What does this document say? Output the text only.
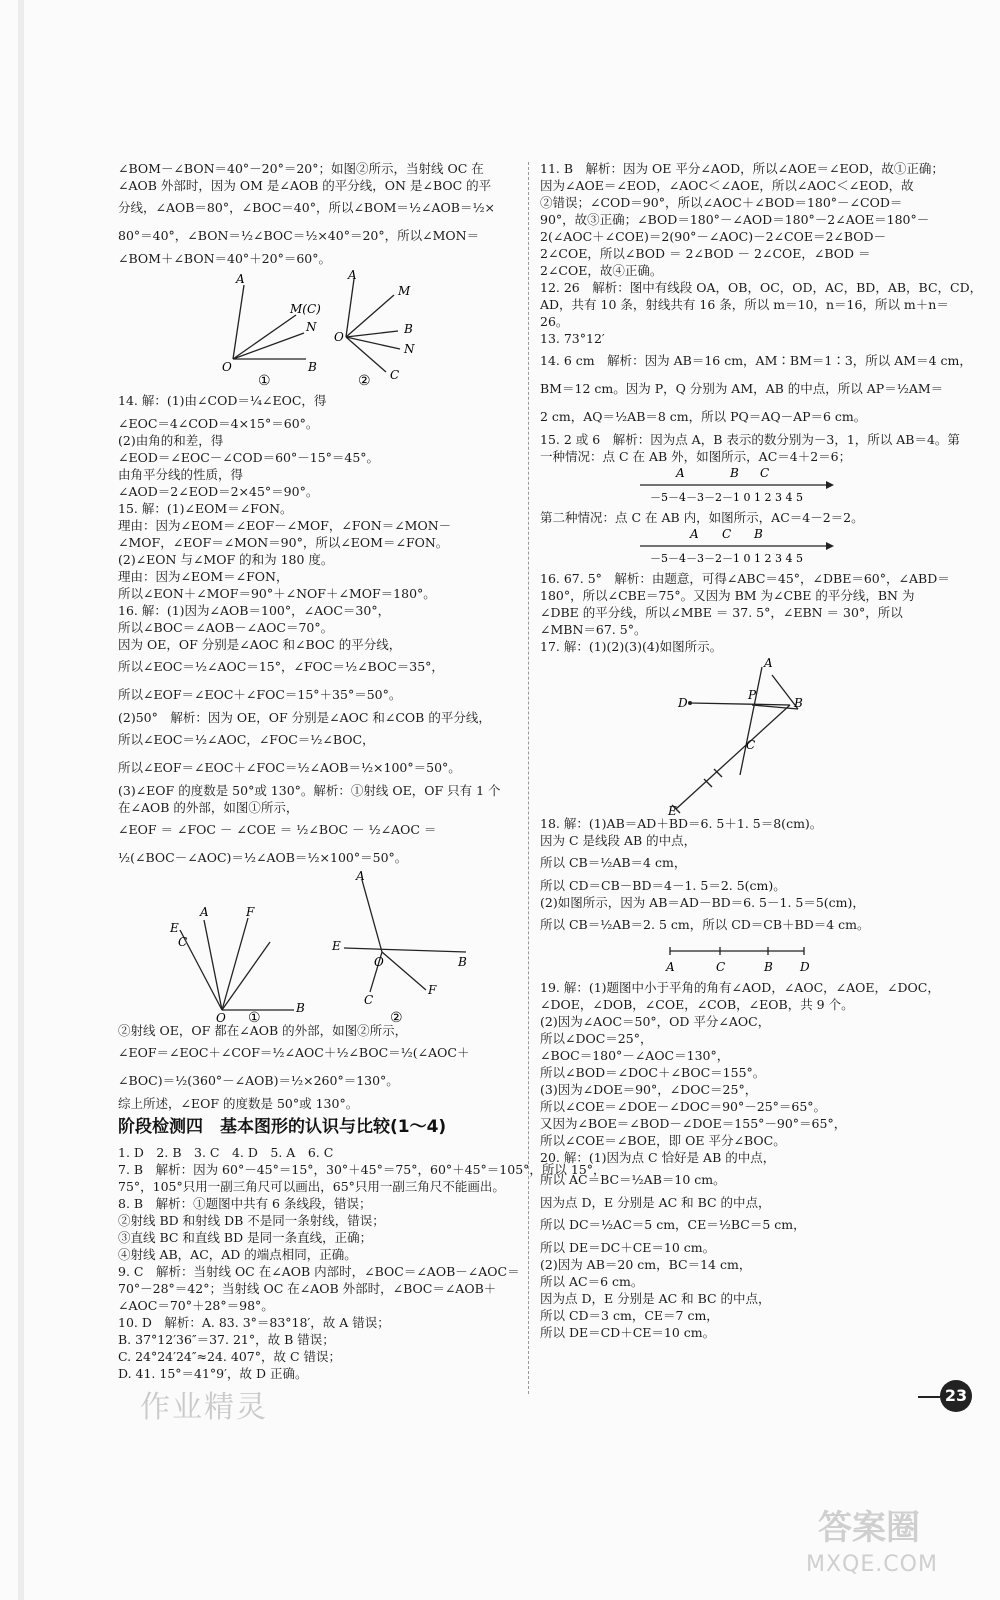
∠BOM－∠BON＝40°－20°＝20°；如图②所示，当射线 OC 在
∠AOB 外部时，因为 OM 是∠AOB 的平分线，ON 是∠BOC 的平
分线，∠AOB＝80°，∠BOC＝40°，所以∠BOM＝½∠AOB＝½×
80°＝40°，∠BON＝½∠BOC＝½×40°＝20°，所以∠MON＝
∠BOM＋∠BON＝40°＋20°＝60°。
A
M(C)
N
O	B
①
A
M
O
B
N
C
②
14. 解：(1)由∠COD＝¼∠EOC，得
∠EOC＝4∠COD＝4×15°＝60°。
(2)由角的和差，得
∠EOD＝∠EOC－∠COD＝60°－15°＝45°。
由角平分线的性质，得
∠AOD＝2∠EOD＝2×45°＝90°。
15. 解：(1)∠EOM＝∠FON。
理由：因为∠EOM＝∠EOF－∠MOF，∠FON＝∠MON－
∠MOF，∠EOF＝∠MON＝90°，所以∠EOM＝∠FON。
(2)∠EON 与∠MOF 的和为 180 度。
理由：因为∠EOM＝∠FON，
所以∠EON＋∠MOF＝90°＋∠NOF＋∠MOF＝180°。
16. 解：(1)因为∠AOB＝100°，∠AOC＝30°，
所以∠BOC＝∠AOB－∠AOC＝70°。
因为 OE，OF 分别是∠AOC 和∠BOC 的平分线，
所以∠EOC＝½∠AOC＝15°，∠FOC＝½∠BOC＝35°，
所以∠EOF＝∠EOC＋∠FOC＝15°＋35°＝50°。
(2)50°　解析：因为 OE，OF 分别是∠AOC 和∠COB 的平分线，
所以∠EOC＝½∠AOC，∠FOC＝½∠BOC，
所以∠EOF＝∠EOC＋∠FOC＝½∠AOB＝½×100°＝50°。
(3)∠EOF 的度数是 50°或 130°。解析：①射线 OE，OF 只有 1 个
在∠AOB 的外部，如图①所示，
∠EOF ＝ ∠FOC － ∠COE ＝ ½∠BOC － ½∠AOC ＝
½(∠BOC－∠AOC)＝½∠AOB＝½×100°＝50°。
A
E
F
C
O
B
①
A
E
O	B
C
F
②
②射线 OE，OF 都在∠AOB 的外部，如图②所示，
∠EOF＝∠EOC＋∠COF＝½∠AOC＋½∠BOC＝½(∠AOC＋
∠BOC)＝½(360°－∠AOB)＝½×260°＝130°。
综上所述，∠EOF 的度数是 50°或 130°。
阶段检测四　基本图形的认识与比较(1～4)
1. D　2. B　3. C　4. D　5. A　6. C
7. B　解析：因为 60°－45°＝15°，30°＋45°＝75°，60°＋45°＝105°，所以 15°，
75°，105°只用一副三角尺可以画出，65°只用一副三角尺不能画出。
8. B　解析：①题图中共有 6 条线段，错误；
②射线 BD 和射线 DB 不是同一条射线，错误；
③直线 BC 和直线 BD 是同一条直线，正确；
④射线 AB，AC，AD 的端点相同，正确。
9. C　解析：当射线 OC 在∠AOB 内部时，∠BOC＝∠AOB－∠AOC＝
70°－28°＝42°；当射线 OC 在∠AOB 外部时，∠BOC＝∠AOB＋
∠AOC＝70°＋28°＝98°。
10. D　解析：A. 83. 3°＝83°18′，故 A 错误；
B. 37°12′36″＝37. 21°，故 B 错误；
C. 24°24′24″≈24. 407°，故 C 错误；
D. 41. 15°＝41°9′，故 D 正确。
11. B　解析：因为 OE 平分∠AOD，所以∠AOE＝∠EOD，故①正确；
因为∠AOE＝∠EOD，∠AOC＜∠AOE，所以∠AOC＜∠EOD，故
②错误；∠COD＝90°，所以∠AOC＋∠BOD＝180°－∠COD＝
90°，故③正确；∠BOD＝180°－∠AOD＝180°－2∠AOE＝180°－
2(∠AOC＋∠COE)＝2(90°－∠AOC)－2∠COE＝2∠BOD－
2∠COE，所以∠BOD ＝ 2∠BOD － 2∠COE，∠BOD ＝
2∠COE，故④正确。
12. 26　解析：图中有线段 OA，OB，OC，OD，AC，BD，AB，BC，CD，
AD，共有 10 条，射线共有 16 条，所以 m＝10，n＝16，所以 m＋n＝
26。
13. 73°12′
14. 6 cm　解析：因为 AB＝16 cm，AM∶BM＝1∶3，所以 AM＝4 cm，
BM＝12 cm。因为 P，Q 分别为 AM，AB 的中点，所以 AP＝½AM＝
2 cm，AQ＝½AB＝8 cm，所以 PQ＝AQ－AP＝6 cm。
15. 2 或 6　解析：因为点 A，B 表示的数分别为－3，1，所以 AB＝4。第
一种情况：点 C 在 AB 外，如图所示，AC＝4＋2＝6；
A	C
B
－5－4－3－2－1 0 1 2 3 4 5
第二种情况：点 C 在 AB 内，如图所示，AC＝4－2＝2。
A C B
－5－4－3－2－1 0 1 2 3 4 5
16. 67. 5°　解析：由题意，可得∠ABC＝45°，∠DBE＝60°，∠ABD＝
180°，所以∠CBE＝75°。又因为 BM 为∠CBE 的平分线，BN 为
∠DBE 的平分线，所以∠MBE ＝ 37. 5°，∠EBN ＝ 30°，所以
∠MBN＝67. 5°。
17. 解：(1)(2)(3)(4)如图所示。
A
D
P
B
C
E
18. 解：(1)AB＝AD＋BD＝6. 5＋1. 5＝8(cm)。
因为 C 是线段 AB 的中点，
所以 CB＝½AB＝4 cm，
所以 CD＝CB－BD＝4－1. 5＝2. 5(cm)。
(2)如图所示，因为 AB＝AD－BD＝6. 5－1. 5＝5(cm)，
所以 CB＝½AB＝2. 5 cm，所以 CD＝CB＋BD＝4 cm。
A	C	B D
19. 解：(1)题图中小于平角的角有∠AOD，∠AOC，∠AOE，∠DOC，
∠DOE，∠DOB，∠COE，∠COB，∠EOB，共 9 个。
(2)因为∠AOC＝50°，OD 平分∠AOC，
所以∠DOC＝25°，
∠BOC＝180°－∠AOC＝130°，
所以∠BOD＝∠DOC＋∠BOC＝155°。
(3)因为∠DOE＝90°，∠DOC＝25°，
所以∠COE＝∠DOE－∠DOC＝90°－25°＝65°。
又因为∠BOE＝∠BOD－∠DOE＝155°－90°＝65°，
所以∠COE＝∠BOE，即 OE 平分∠BOC。
20. 解：(1)因为点 C 恰好是 AB 的中点，
所以 AC＝BC＝½AB＝10 cm。
因为点 D，E 分别是 AC 和 BC 的中点，
所以 DC＝½AC＝5 cm，CE＝½BC＝5 cm，
所以 DE＝DC＋CE＝10 cm。
(2)因为 AB＝20 cm，BC＝14 cm，
所以 AC＝6 cm。
因为点 D，E 分别是 AC 和 BC 的中点，
所以 CD＝3 cm，CE＝7 cm，
所以 DE＝CD＋CE＝10 cm。
作业精灵	23
答案圈
MXQE.COM
